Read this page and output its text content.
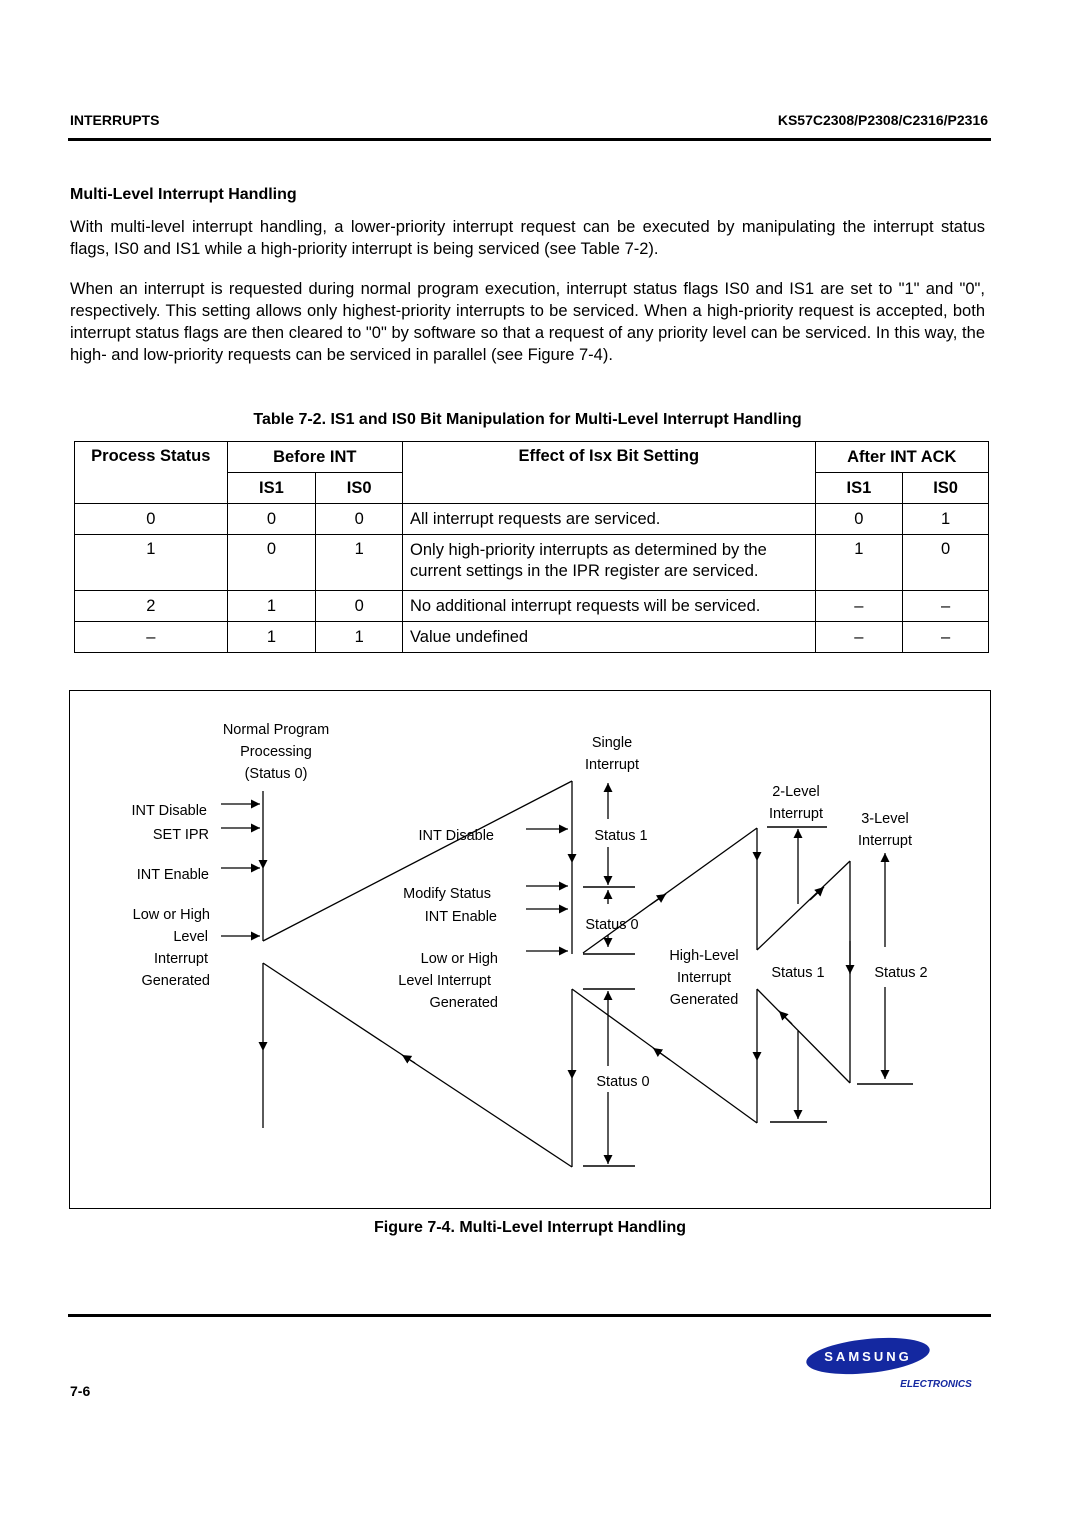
INTERRUPTS	KS57C2308/P2308/C2316/P2316
Multi-Level Interrupt Handling

With multi-level interrupt handling, a lower-priority interrupt request can be executed by manipulating the interrupt status flags, IS0 and IS1 while a high-priority interrupt is being serviced (see Table 7-2).

When an interrupt is requested during normal program execution, interrupt status flags IS0 and IS1 are set to "1" and "0", respectively. This setting allows only highest-priority interrupts to be serviced. When a high-priority request is accepted, both interrupt status flags are then cleared to "0" by software so that a request of any priority level can be serviced. In this way, the high- and low-priority requests can be serviced in parallel (see Figure 7-4).

Table 7-2. IS1 and IS0 Bit Manipulation for Multi-Level Interrupt Handling
Process Status	Before INT		Effect of Isx Bit Setting	After INT ACK	
	IS1	IS0		IS1	IS0
0	0	0	All interrupt requests are serviced.	0	1
1	0	1	Only high-priority interrupts as determined by the current settings in the IPR register are serviced.	1	0
2	1	0	No additional interrupt requests will be serviced.	–	–
–	1	1	Value undefined	–	–
Normal Program
Processing
(Status 0)
INT Disable
SET IPR
INT Enable
Low or High
Level
Interrupt
Generated
INT Disable
Modify Status
INT Enable
Low or High
Level Interrupt
Generated
Single
Interrupt
Status 1
Status 0
Status 0
High-Level
Interrupt
Generated
2-Level
Interrupt
Status 1
3-Level
Interrupt
Status 2
Figure 7-4. Multi-Level Interrupt Handling
7-6
SAMSUNG
ELECTRONICS
